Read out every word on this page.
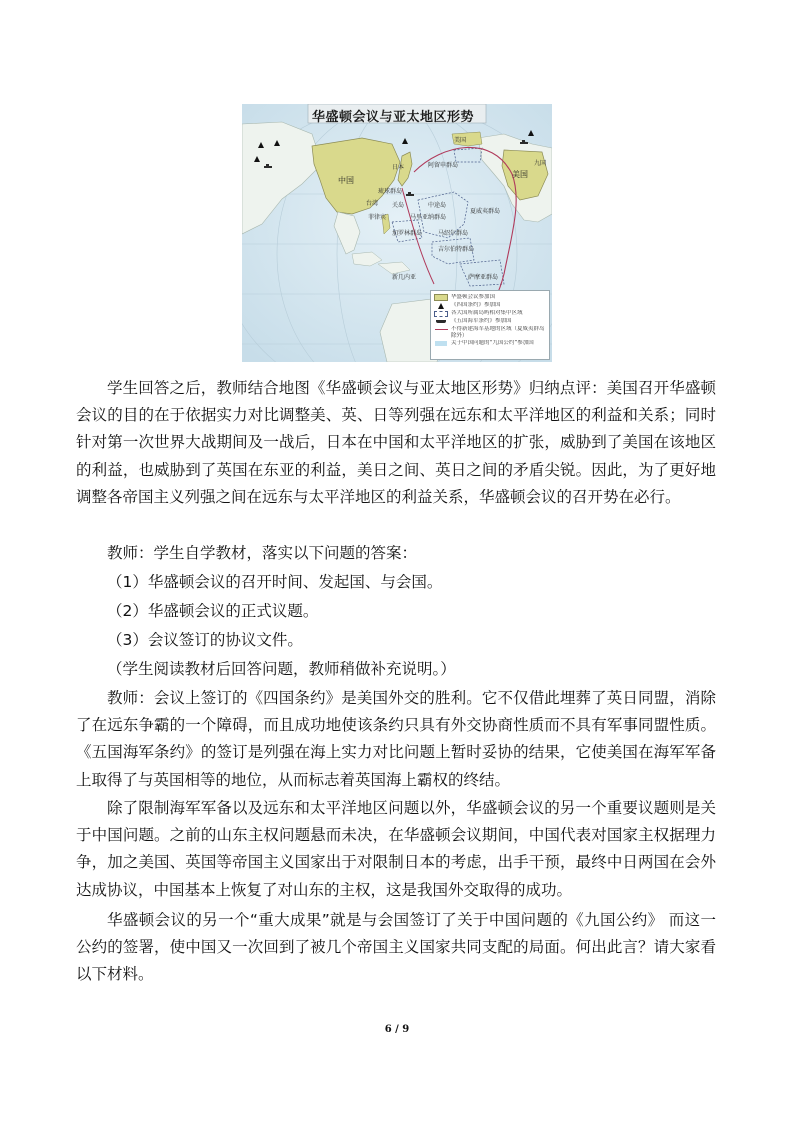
华盛顿会议与亚太地区形势
中国
日本
美国
美国
阿留申群岛
中途岛
夏威夷群岛
菲律宾	马里亚纳群岛
加罗林群岛	马绍尔群岛
吉尔伯特群岛
萨摩亚群岛
关岛
琉球群岛
台湾
九国
新几内亚
华盛顿会议参加国
《四国条约》参加国
各大国所属岛屿相对集中区域
《五国海军条约》参加国
不得新建海军基地的区域（夏威夷群岛除外）
关于中国问题的“九国公约”参加国

学生回答之后，教师结合地图《华盛顿会议与亚太地区形势》归纳点评：美国召开华盛顿会议的目的在于依据实力对比调整美、英、日等列强在远东和太平洋地区的利益和关系；同时针对第一次世界大战期间及一战后，日本在中国和太平洋地区的扩张，威胁到了美国在该地区的利益，也威胁到了英国在东亚的利益，美日之间、英日之间的矛盾尖锐。因此，为了更好地调整各帝国主义列强之间在远东与太平洋地区的利益关系，华盛顿会议的召开势在必行。

教师：学生自学教材，落实以下问题的答案：

（1）华盛顿会议的召开时间、发起国、与会国。

（2）华盛顿会议的正式议题。

（3）会议签订的协议文件。

（学生阅读教材后回答问题，教师稍做补充说明。）

教师：会议上签订的《四国条约》是美国外交的胜利。它不仅借此埋葬了英日同盟，消除了在远东争霸的一个障碍，而且成功地使该条约只具有外交协商性质而不具有军事同盟性质。《五国海军条约》的签订是列强在海上实力对比问题上暂时妥协的结果，它使美国在海军军备上取得了与英国相等的地位，从而标志着英国海上霸权的终结。

除了限制海军军备以及远东和太平洋地区问题以外，华盛顿会议的另一个重要议题则是关于中国问题。之前的山东主权问题悬而未决，在华盛顿会议期间，中国代表对国家主权据理力争，加之美国、英国等帝国主义国家出于对限制日本的考虑，出手干预，最终中日两国在会外达成协议，中国基本上恢复了对山东的主权，这是我国外交取得的成功。

华盛顿会议的另一个“重大成果”就是与会国签订了关于中国问题的《九国公约》 而这一公约的签署，使中国又一次回到了被几个帝国主义国家共同支配的局面。何出此言？请大家看以下材料。

6 / 9
